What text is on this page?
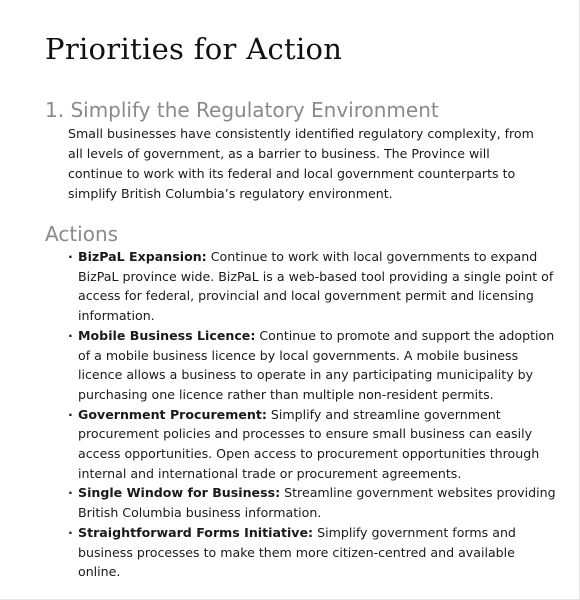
Priorities for Action
1. Simplify the Regulatory Environment

Small businesses have consistently identified regulatory complexity, from all levels of government, as a barrier to business. The Province will continue to work with its federal and local government counterparts to simplify British Columbia’s regulatory environment.

Actions
· BizPaL Expansion: Continue to work with local governments to expand BizPaL province wide. BizPaL is a web-based tool providing a single point of access for federal, provincial and local government permit and licensing information.
· Mobile Business Licence: Continue to promote and support the adoption of a mobile business licence by local governments. A mobile business licence allows a business to operate in any participating municipality by purchasing one licence rather than multiple non-resident permits.
· Government Procurement: Simplify and streamline government procurement policies and processes to ensure small business can easily access opportunities. Open access to procurement opportunities through internal and international trade or procurement agreements.
· Single Window for Business: Streamline government websites providing British Columbia business information.
· Straightforward Forms Initiative: Simplify government forms and business processes to make them more citizen-centred and available online.
